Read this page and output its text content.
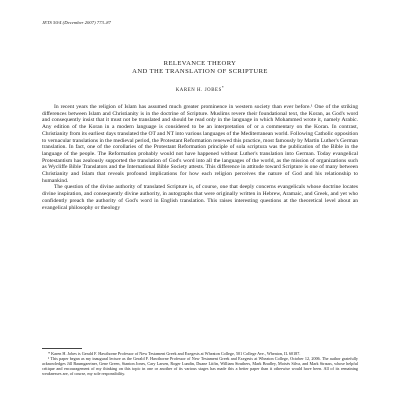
JETS 50/4 (December 2007) 773–87
RELEVANCE THEORY
AND THE TRANSLATION OF SCRIPTURE
KAREN H. JOBES*

In recent years the religion of Islam has assumed much greater prominence in western society than ever before.¹ One of the striking differences between Islam and Christianity is in the doctrine of Scripture. Muslims revere their foundational text, the Koran, as God's word and consequently insist that it must not be translated and should be read only in the language in which Mohammed wrote it, namely Arabic. Any edition of the Koran in a modern language is considered to be an interpretation of or a commentary on the Koran. In contrast, Christianity from its earliest days translated the OT and NT into various languages of the Mediterranean world. Following Catholic opposition to vernacular translations in the medieval period, the Protestant Reformation renewed this practice, most famously by Martin Luther's German translation. In fact, one of the corollaries of the Protestant Reformation principle of sola scriptura was the publication of the Bible in the language of the people. The Reformation probably would not have happened without Luther's translation into German. Today evangelical Protestantism has zealously supported the translation of God's word into all the languages of the world, as the mission of organizations such as Wycliffe Bible Translators and the International Bible Society attests. This difference in attitude toward Scripture is one of many between Christianity and Islam that reveals profound implications for how each religion perceives the nature of God and his relationship to humankind.

The question of the divine authority of translated Scripture is, of course, one that deeply concerns evangelicals whose doctrine locates divine inspiration, and consequently divine authority, in autographs that were originally written in Hebrew, Aramaic, and Greek, and yet who confidently preach the authority of God's word in English translation. This raises interesting questions at the theoretical level about an evangelical philosophy or theology

* Karen H. Jobes is Gerald F. Hawthorne Professor of New Testament Greek and Exegesis at Wheaton College, 501 College Ave., Wheaton, IL 60187.

¹ This paper began as my inaugural lecture as the Gerald F. Hawthorne Professor of New Testament Greek and Exegesis at Wheaton College, October 12, 2006. The author gratefully acknowledges Jill Baumgaertner, Gene Green, Stanton Jones, Cary Larsen, Roger Lundin, Duane Litfin, William Struthers, Mark Bradley, Moisés Silva, and Mark Strauss, whose helpful critique and encouragement of my thinking on this topic in one or another of its various stages has made this a better paper than it otherwise would have been. All of its remaining weaknesses are, of course, my sole responsibility.
